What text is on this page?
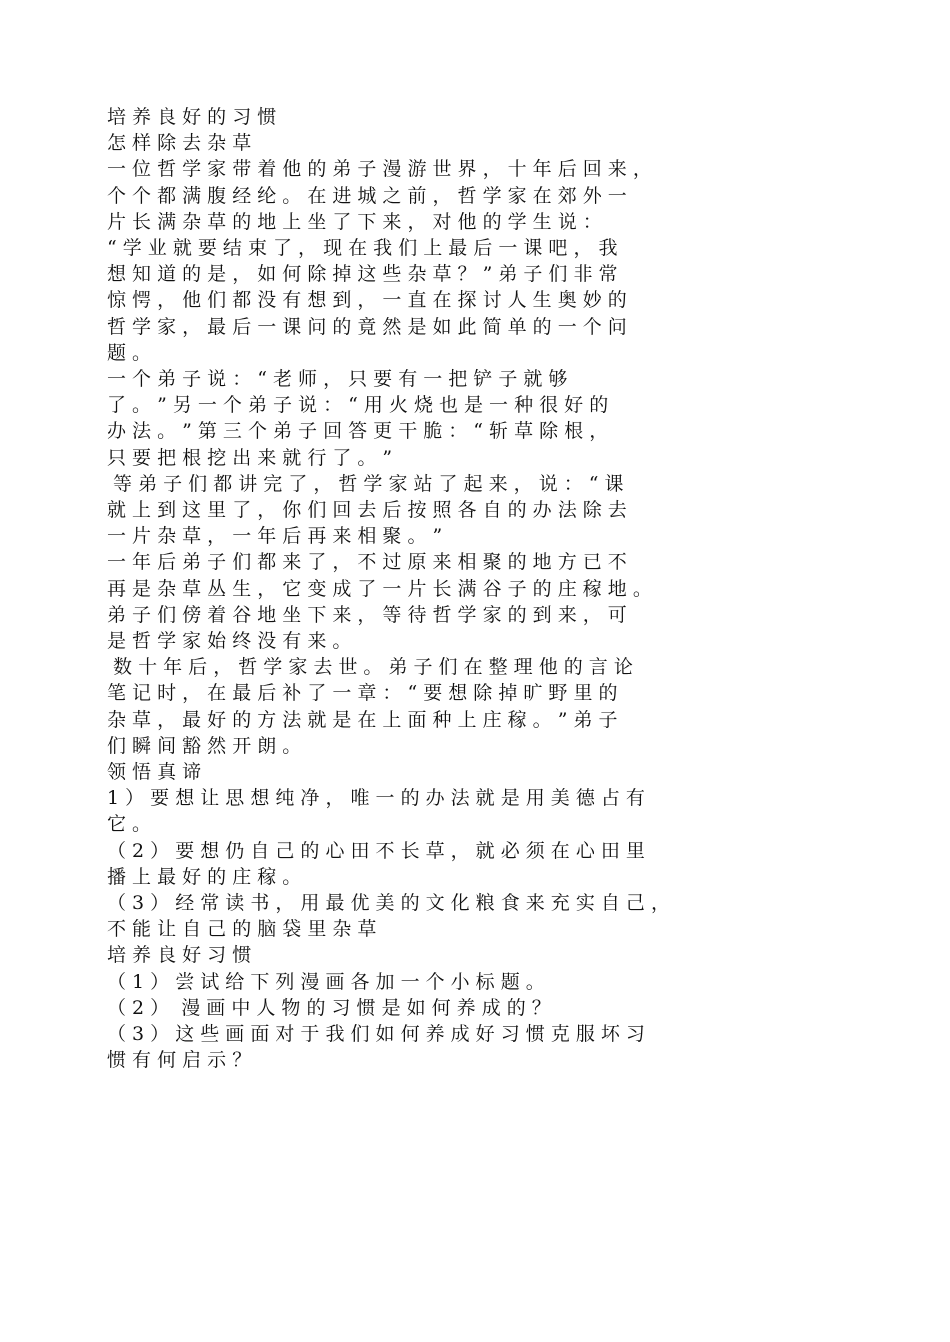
培 养 良 好 的 习 惯
怎 样 除 去 杂 草
一 位 哲 学 家 带 着 他 的 弟 子 漫 游 世 界 ， 十 年 后 回 来 ，
个 个 都 满 腹 经 纶 。 在 进 城 之 前 ， 哲 学 家 在 郊 外 一
片 长 满 杂 草 的 地 上 坐 了 下 来 ， 对 他 的 学 生 说 ：
“ 学 业 就 要 结 束 了 ， 现 在 我 们 上 最 后 一 课 吧 ， 我
想 知 道 的 是 ， 如 何 除 掉 这 些 杂 草 ？ ” 弟 子 们 非 常
惊 愕 ， 他 们 都 没 有 想 到 ， 一 直 在 探 讨 人 生 奥 妙 的
哲 学 家 ， 最 后 一 课 问 的 竟 然 是 如 此 简 单 的 一 个 问
题 。
一 个 弟 子 说 ： “ 老 师 ， 只 要 有 一 把 铲 子 就 够
了 。 ” 另 一 个 弟 子 说 ： “ 用 火 烧 也 是 一 种 很 好 的
办 法 。 ” 第 三 个 弟 子 回 答 更 干 脆 ： “ 斩 草 除 根 ，
只 要 把 根 挖 出 来 就 行 了 。 ”
等 弟 子 们 都 讲 完 了 ， 哲 学 家 站 了 起 来 ， 说 ： “ 课
就 上 到 这 里 了 ， 你 们 回 去 后 按 照 各 自 的 办 法 除 去
一 片 杂 草 ， 一 年 后 再 来 相 聚 。 ”
一 年 后 弟 子 们 都 来 了 ， 不 过 原 来 相 聚 的 地 方 已 不
再 是 杂 草 丛 生 ， 它 变 成 了 一 片 长 满 谷 子 的 庄 稼 地 。
弟 子 们 傍 着 谷 地 坐 下 来 ， 等 待 哲 学 家 的 到 来 ， 可
是 哲 学 家 始 终 没 有 来 。
数 十 年 后 ， 哲 学 家 去 世 。 弟 子 们 在 整 理 他 的 言 论
笔 记 时 ， 在 最 后 补 了 一 章 ： “ 要 想 除 掉 旷 野 里 的
杂 草 ， 最 好 的 方 法 就 是 在 上 面 种 上 庄 稼 。 ” 弟 子
们 瞬 间 豁 然 开 朗 。
领 悟 真 谛
1 ） 要 想 让 思 想 纯 净 ， 唯 一 的 办 法 就 是 用 美 德 占 有
它 。
（ 2 ） 要 想 仍 自 己 的 心 田 不 长 草 ， 就 必 须 在 心 田 里
播 上 最 好 的 庄 稼 。
（ 3 ） 经 常 读 书 ， 用 最 优 美 的 文 化 粮 食 来 充 实 自 己 ，
不 能 让 自 己 的 脑 袋 里 杂 草
培 养 良 好 习 惯
（ 1 ） 尝 试 给 下 列 漫 画 各 加 一 个 小 标 题 。
（ 2 ）  漫 画 中 人 物 的 习 惯 是 如 何 养 成 的 ？
（ 3 ） 这 些 画 面 对 于 我 们 如 何 养 成 好 习 惯 克 服 坏 习
惯 有 何 启 示 ？
